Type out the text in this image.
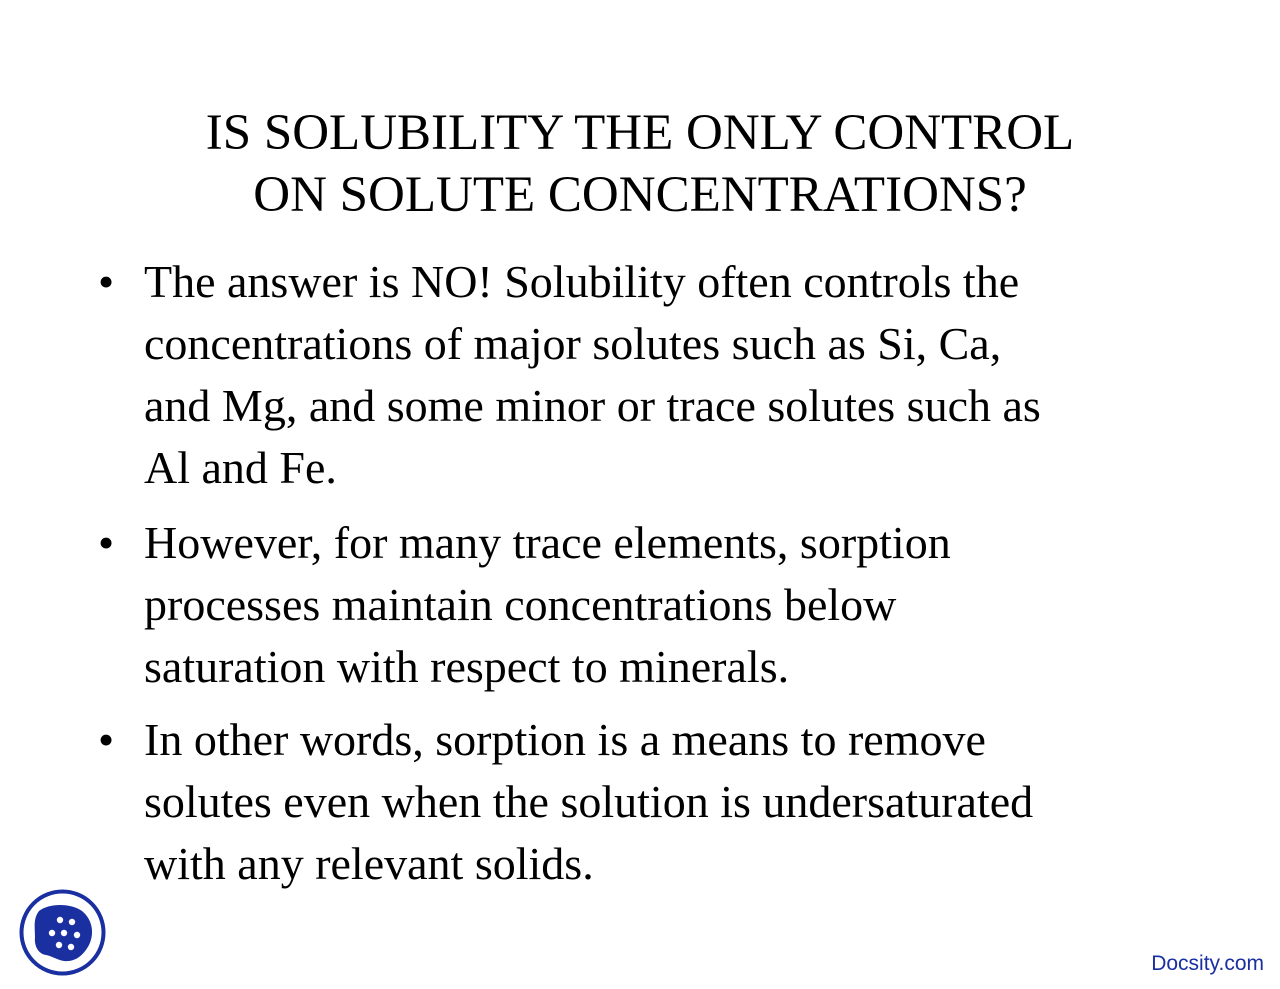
IS SOLUBILITY THE ONLY CONTROL
ON SOLUTE CONCENTRATIONS?
• The answer is NO! Solubility often controls the
concentrations of major solutes such as Si, Ca,
and Mg, and some minor or trace solutes such as
Al and Fe.
• However, for many trace elements, sorption
processes maintain concentrations below
saturation with respect to minerals.
• In other words, sorption is a means to remove
solutes even when the solution is undersaturated
with any relevant solids.
Docsity.com
